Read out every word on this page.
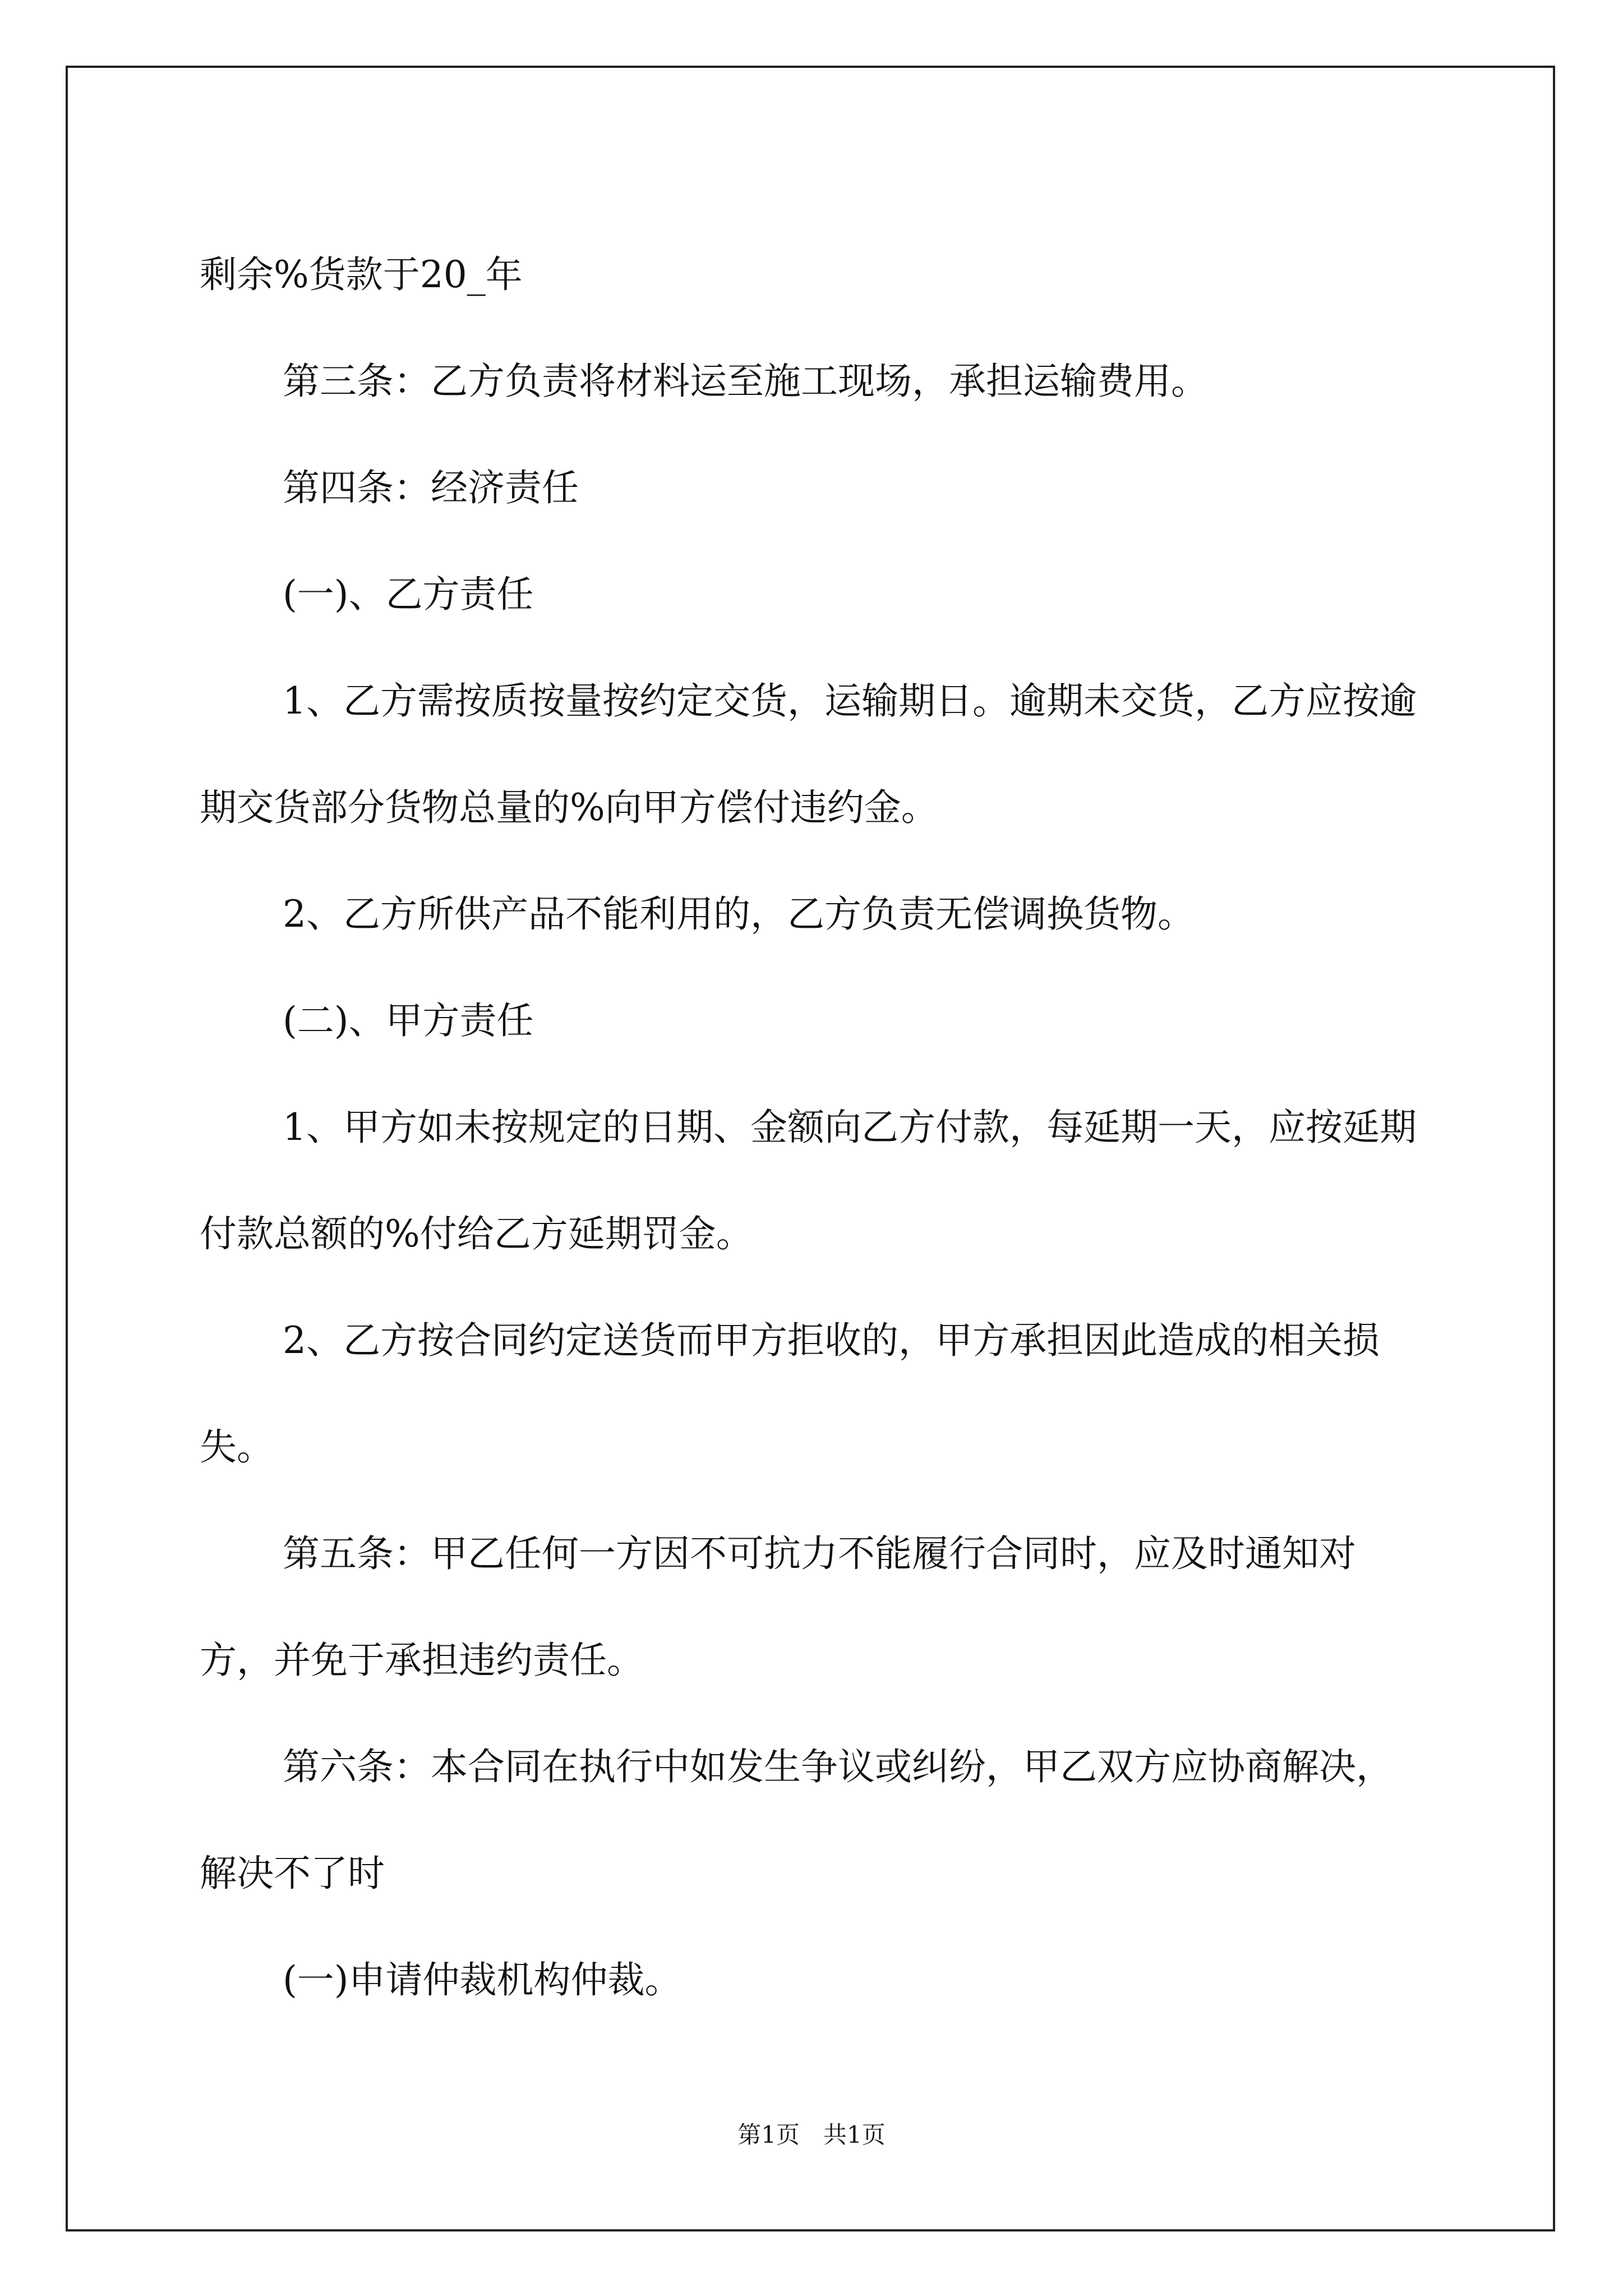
剩余%货款于20_年

第三条：乙方负责将材料运至施工现场，承担运输费用。

第四条：经济责任

(一)、乙方责任

1、乙方需按质按量按约定交货，运输期日。逾期未交货，乙方应按逾期交货部分货物总量的%向甲方偿付违约金。

2、乙方所供产品不能利用的，乙方负责无偿调换货物。

(二)、甲方责任

1、甲方如未按规定的日期、金额向乙方付款，每延期一天，应按延期付款总额的%付给乙方延期罚金。

2、乙方按合同约定送货而甲方拒收的，甲方承担因此造成的相关损失。

第五条：甲乙任何一方因不可抗力不能履行合同时，应及时通知对方，并免于承担违约责任。

第六条：本合同在执行中如发生争议或纠纷，甲乙双方应协商解决，解决不了时

(一)申请仲裁机构仲裁。

第1页　共1页
